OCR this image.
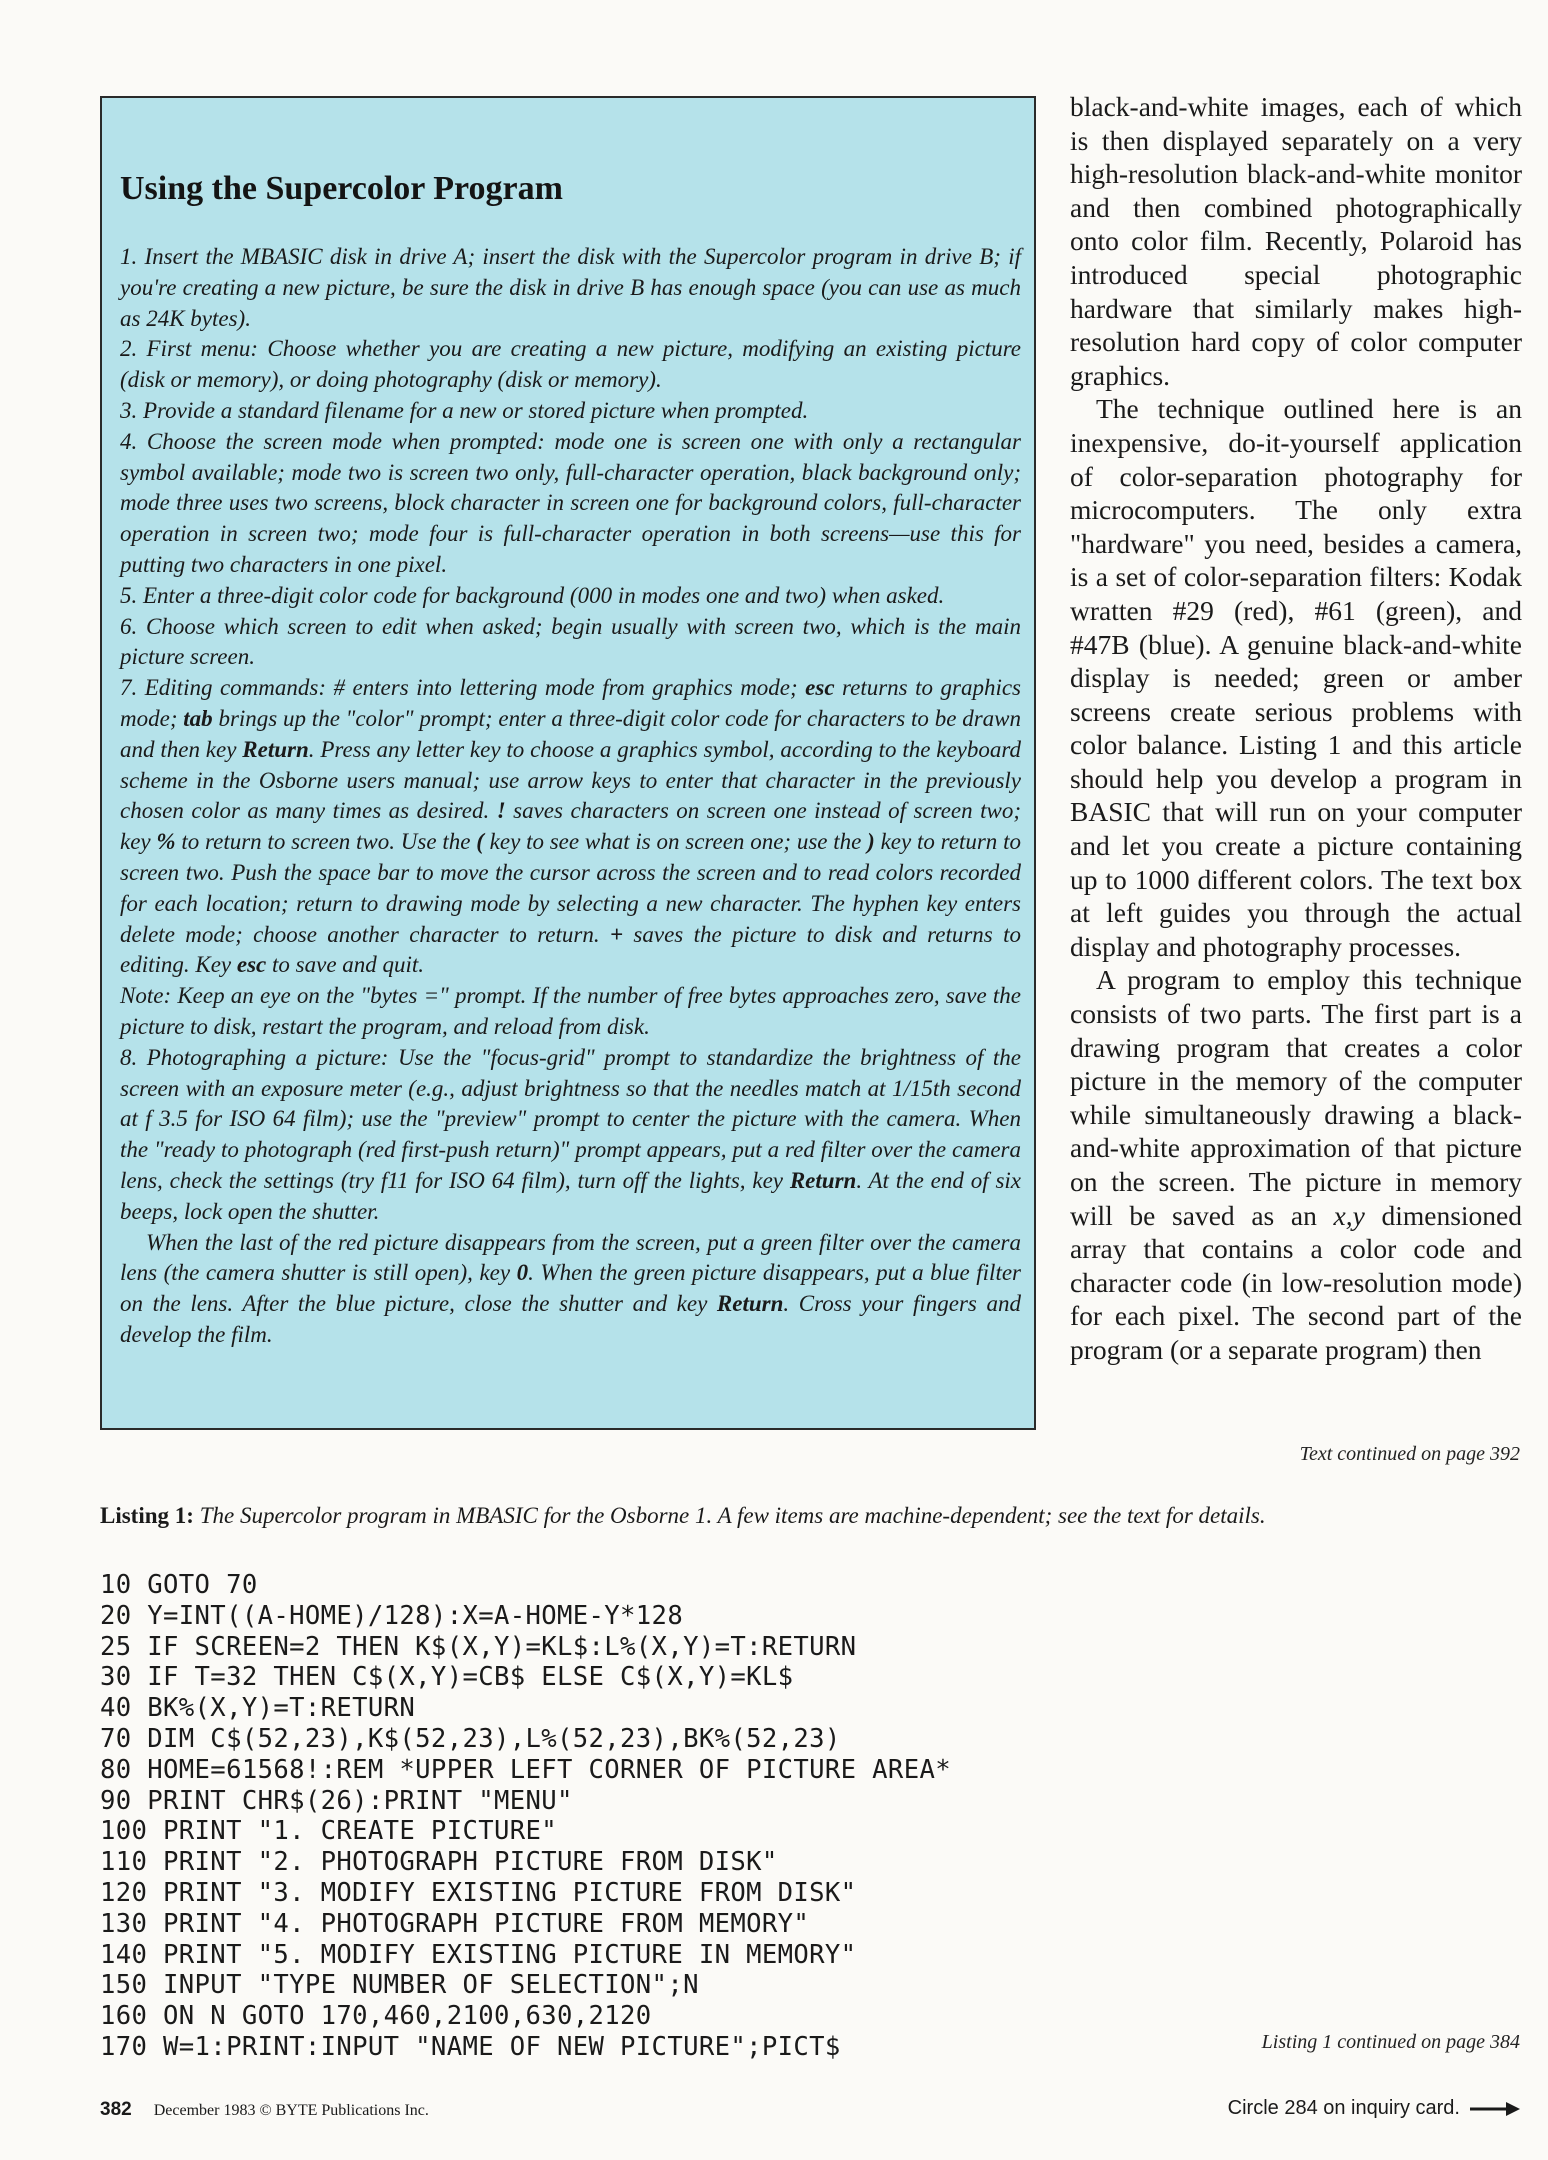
Using the Supercolor Program

1. Insert the MBASIC disk in drive A; insert the disk with the Supercolor program in drive B; if you're creating a new picture, be sure the disk in drive B has enough space (you can use as much as 24K bytes).

2. First menu: Choose whether you are creating a new picture, modifying an existing picture (disk or memory), or doing photography (disk or memory).

3. Provide a standard filename for a new or stored picture when prompted.

4. Choose the screen mode when prompted: mode one is screen one with only a rectangular symbol available; mode two is screen two only, full-character operation, black background only; mode three uses two screens, block character in screen one for background colors, full-character operation in screen two; mode four is full-character operation in both screens—use this for putting two characters in one pixel.

5. Enter a three-digit color code for background (000 in modes one and two) when asked.

6. Choose which screen to edit when asked; begin usually with screen two, which is the main picture screen.

7. Editing commands: # enters into lettering mode from graphics mode; esc returns to graphics mode; tab brings up the "color" prompt; enter a three-digit color code for characters to be drawn and then key Return. Press any letter key to choose a graphics symbol, according to the keyboard scheme in the Osborne users manual; use arrow keys to enter that character in the previously chosen color as many times as desired. ! saves characters on screen one instead of screen two; key % to return to screen two. Use the ( key to see what is on screen one; use the ) key to return to screen two. Push the space bar to move the cursor across the screen and to read colors recorded for each location; return to drawing mode by selecting a new character. The hyphen key enters delete mode; choose another character to return. + saves the picture to disk and returns to editing. Key esc to save and quit.

Note: Keep an eye on the "bytes =" prompt. If the number of free bytes approaches zero, save the picture to disk, restart the program, and reload from disk.

8. Photographing a picture: Use the "focus-grid" prompt to standardize the brightness of the screen with an exposure meter (e.g., adjust brightness so that the needles match at 1/15th second at f 3.5 for ISO 64 film); use the "preview" prompt to center the picture with the camera. When the "ready to photograph (red first-push return)" prompt appears, put a red filter over the camera lens, check the settings (try f11 for ISO 64 film), turn off the lights, key Return. At the end of six beeps, lock open the shutter.

When the last of the red picture disappears from the screen, put a green filter over the camera lens (the camera shutter is still open), key 0. When the green picture disappears, put a blue filter on the lens. After the blue picture, close the shutter and key Return. Cross your fingers and develop the film.

black-and-white images, each of which is then displayed separately on a very high-resolution black-and-white monitor and then combined photographically onto color film. Recently, Polaroid has introduced special photographic hardware that similarly makes high-resolution hard copy of color computer graphics.

The technique outlined here is an inexpensive, do-it-yourself application of color-separation photography for microcomputers. The only extra "hardware" you need, besides a camera, is a set of color-separation filters: Kodak wratten #29 (red), #61 (green), and #47B (blue). A genuine black-and-white display is needed; green or amber screens create serious problems with color balance. Listing 1 and this article should help you develop a program in BASIC that will run on your computer and let you create a picture containing up to 1000 different colors. The text box at left guides you through the actual display and photography processes.

A program to employ this technique consists of two parts. The first part is a drawing program that creates a color picture in the memory of the computer while simultaneously drawing a black-and-white approximation of that picture on the screen. The picture in memory will be saved as an x,y dimensioned array that contains a color code and character code (in low-resolution mode) for each pixel. The second part of the program (or a separate program) then

Text continued on page 392
Listing 1: The Supercolor program in MBASIC for the Osborne 1. A few items are machine-dependent; see the text for details.
10 GOTO 70
20 Y=INT((A-HOME)/128):X=A-HOME-Y*128
25 IF SCREEN=2 THEN K$(X,Y)=KL$:L%(X,Y)=T:RETURN
30 IF T=32 THEN C$(X,Y)=CB$ ELSE C$(X,Y)=KL$
40 BK%(X,Y)=T:RETURN
70 DIM C$(52,23),K$(52,23),L%(52,23),BK%(52,23)
80 HOME=61568!:REM *UPPER LEFT CORNER OF PICTURE AREA*
90 PRINT CHR$(26):PRINT "MENU"
100 PRINT "1. CREATE PICTURE"
110 PRINT "2. PHOTOGRAPH PICTURE FROM DISK"
120 PRINT "3. MODIFY EXISTING PICTURE FROM DISK"
130 PRINT "4. PHOTOGRAPH PICTURE FROM MEMORY"
140 PRINT "5. MODIFY EXISTING PICTURE IN MEMORY"
150 INPUT "TYPE NUMBER OF SELECTION";N
160 ON N GOTO 170,460,2100,630,2120
170 W=1:PRINT:INPUT "NAME OF NEW PICTURE";PICT$	Listing 1 continued on page 384
382 December 1983 © BYTE Publications Inc.	Circle 284 on inquiry card.
